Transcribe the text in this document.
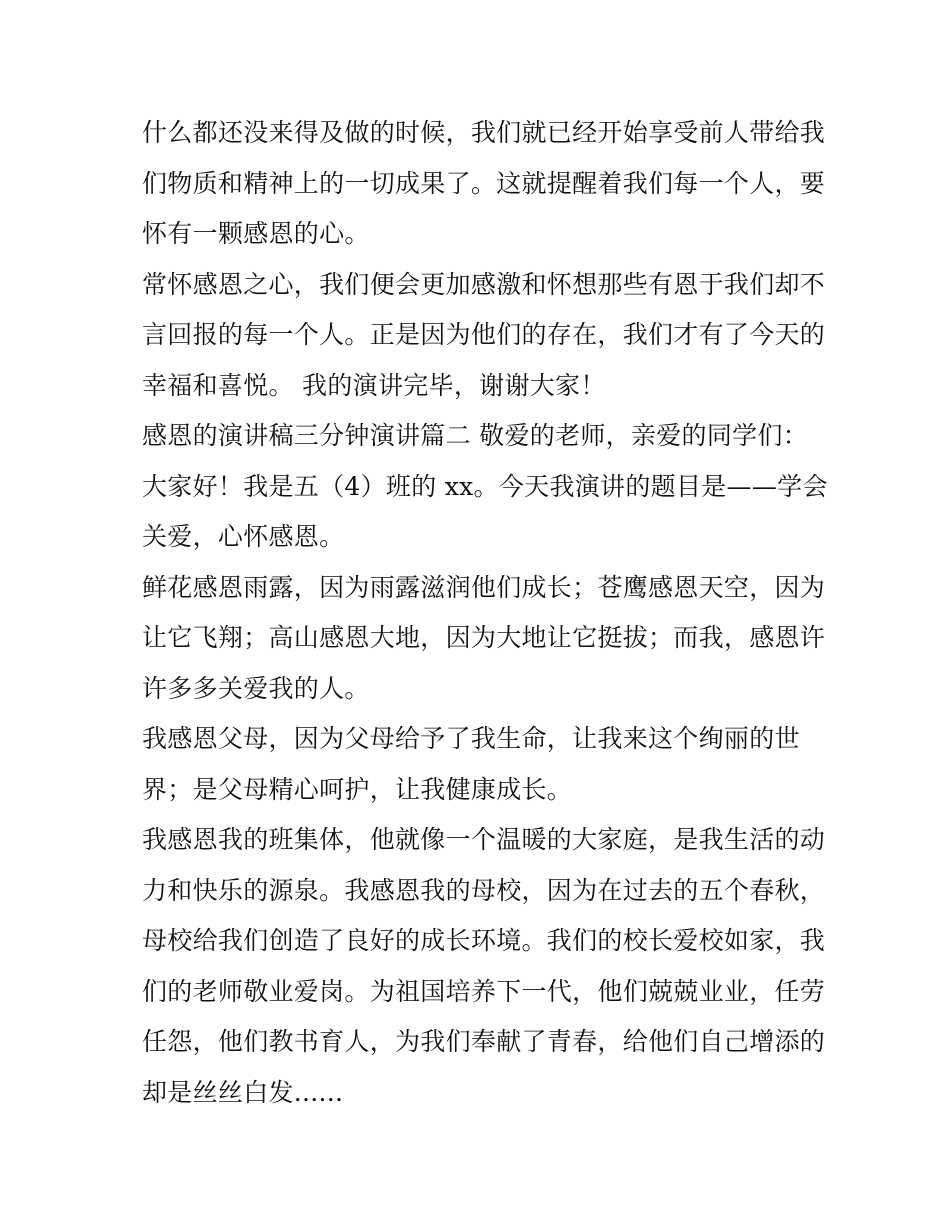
什么都还没来得及做的时候，我们就已经开始享受前人带给我
们物质和精神上的一切成果了。这就提醒着我们每一个人，要
怀有一颗感恩的心。

常怀感恩之心，我们便会更加感激和怀想那些有恩于我们却不
言回报的每一个人。正是因为他们的存在，我们才有了今天的
幸福和喜悦。 我的演讲完毕，谢谢大家！

感恩的演讲稿三分钟演讲篇二 敬爱的老师，亲爱的同学们：

大家好！我是五（4）班的 xx。今天我演讲的题目是——学会
关爱，心怀感恩。

鲜花感恩雨露，因为雨露滋润他们成长；苍鹰感恩天空，因为
让它飞翔；高山感恩大地，因为大地让它挺拔；而我，感恩许
许多多关爱我的人。

我感恩父母，因为父母给予了我生命，让我来这个绚丽的世
界；是父母精心呵护，让我健康成长。

我感恩我的班集体，他就像一个温暖的大家庭，是我生活的动
力和快乐的源泉。我感恩我的母校，因为在过去的五个春秋，
母校给我们创造了良好的成长环境。我们的校长爱校如家，我
们的老师敬业爱岗。为祖国培养下一代，他们兢兢业业，任劳
任怨，他们教书育人，为我们奉献了青春，给他们自己增添的
却是丝丝白发......
